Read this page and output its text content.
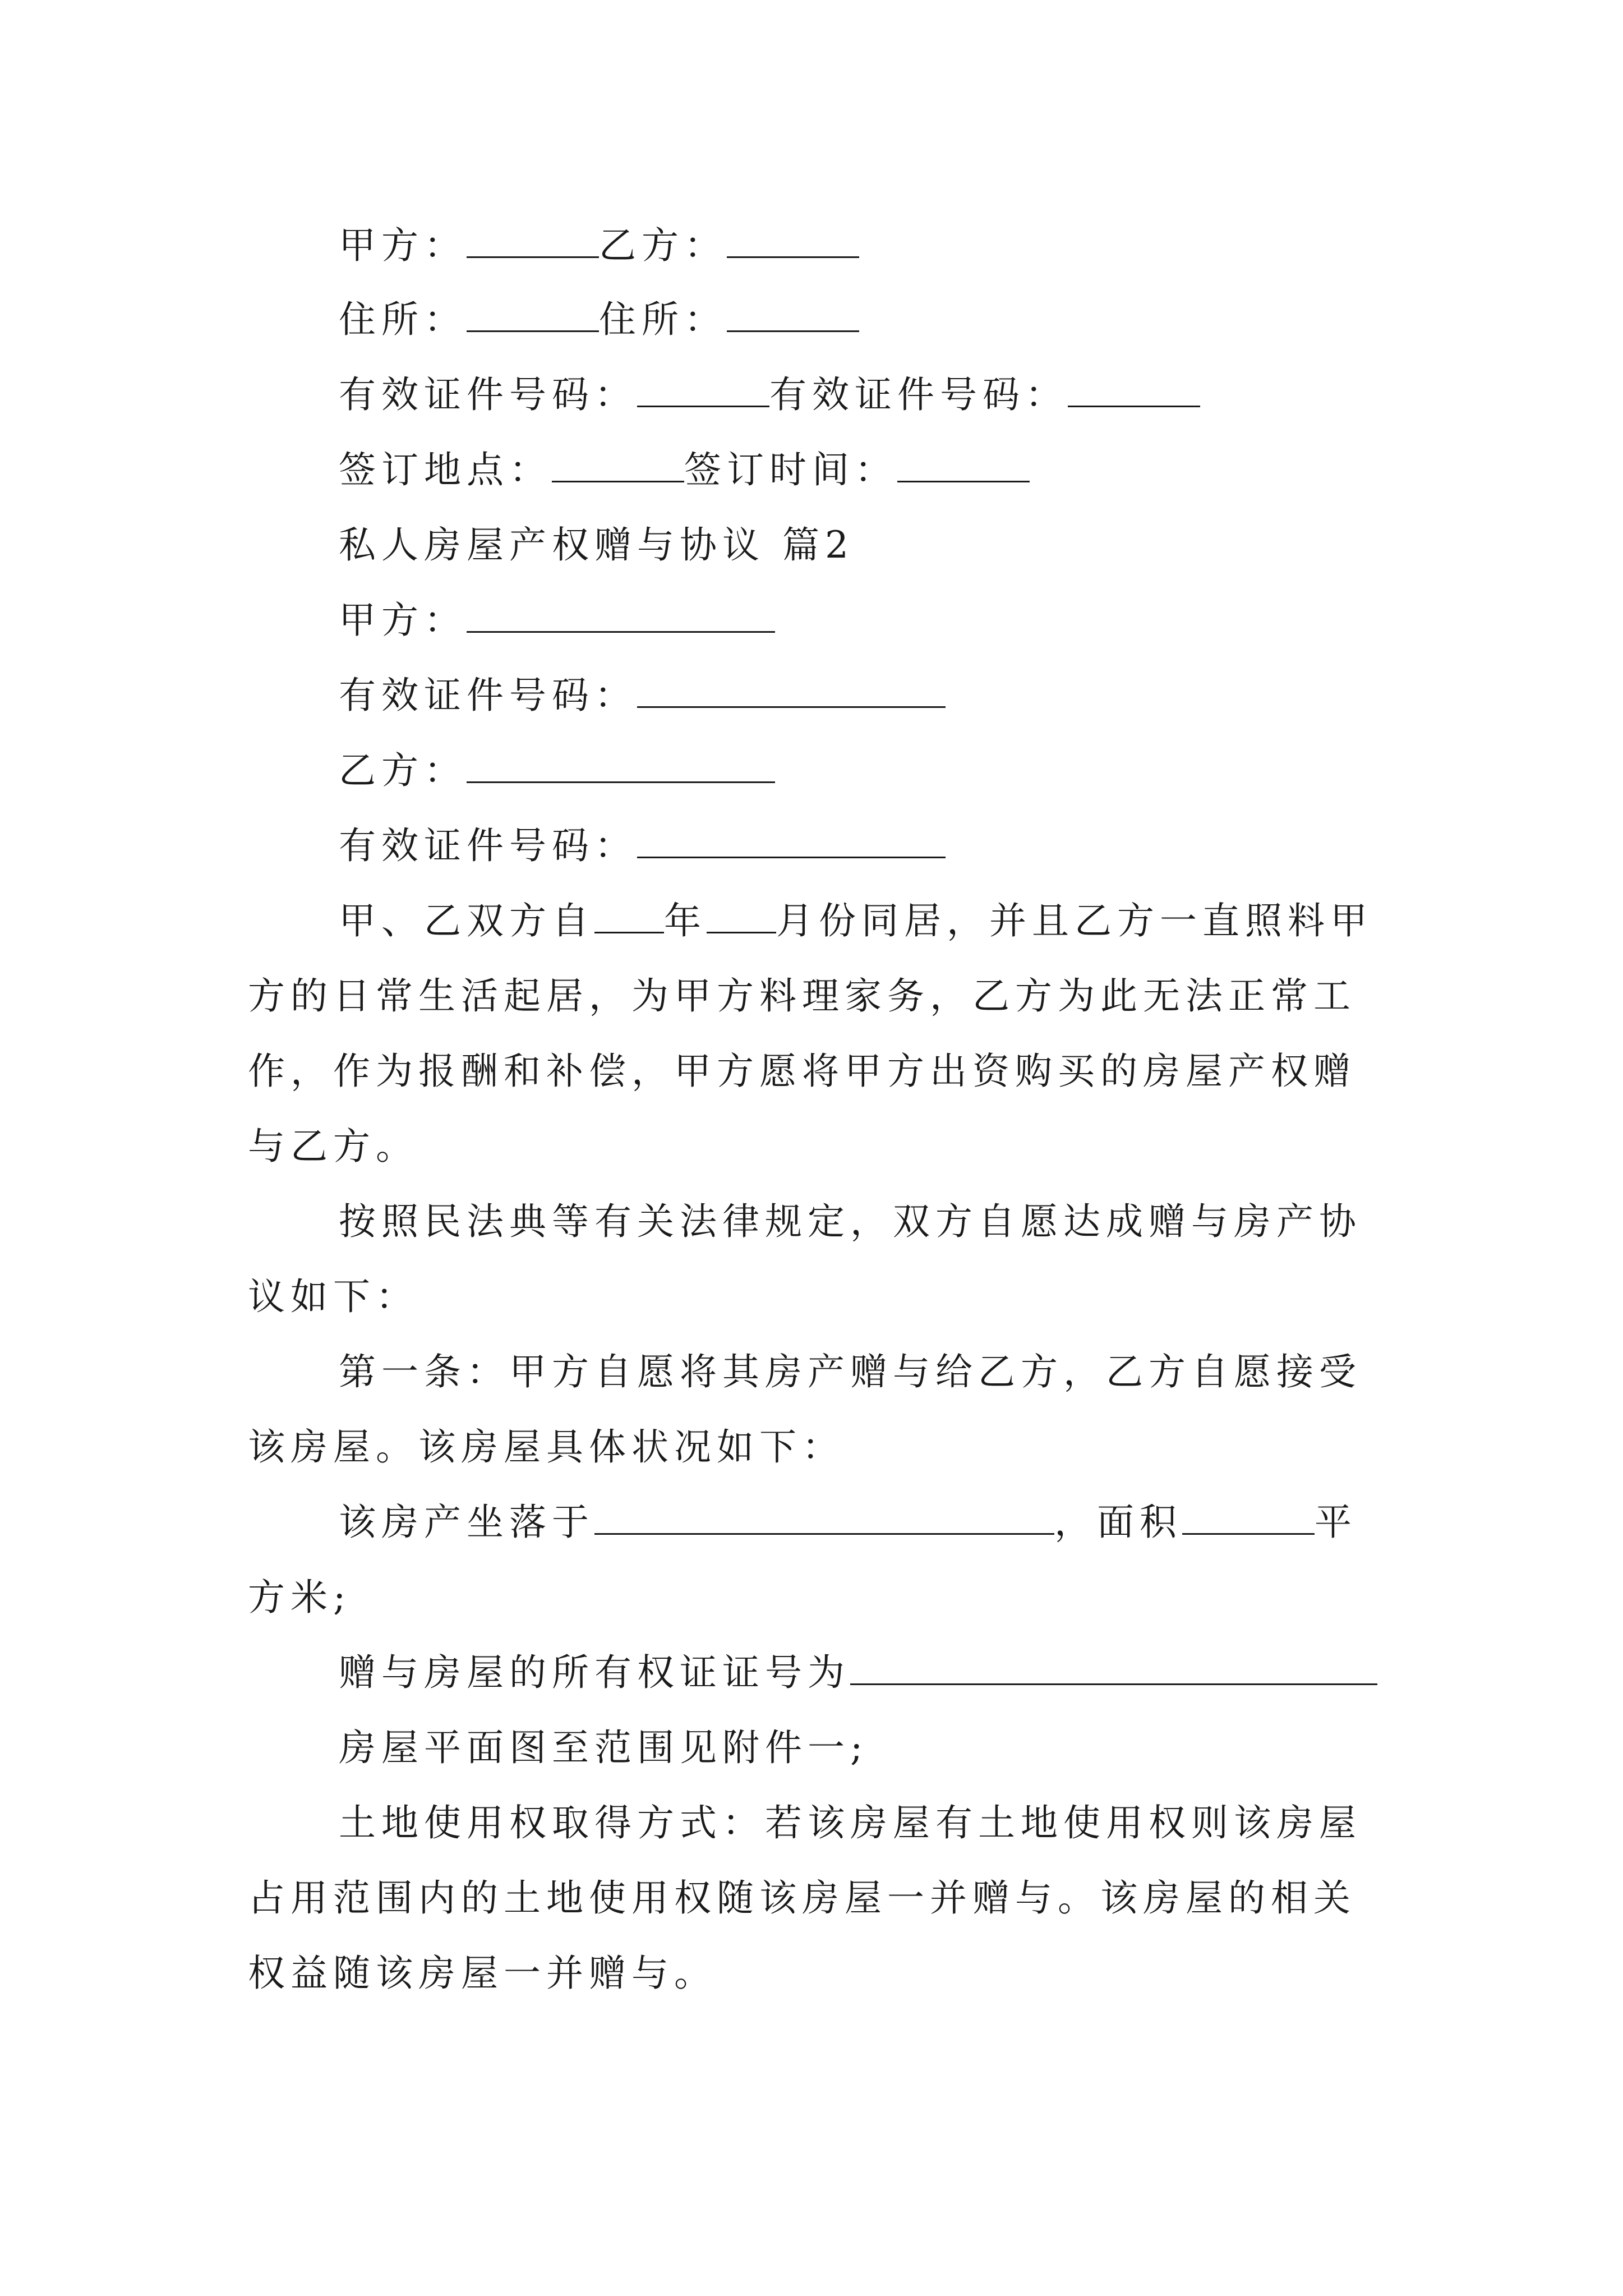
甲方：	乙方：
住所：	住所：
有效证件号码：	有效证件号码：
签订地点：	签订时间：
私人房屋产权赠与协议 篇2
甲方：
有效证件号码：
乙方：
有效证件号码：
甲、乙双方自 年 月份同居，并且乙方一直照料甲
方的日常生活起居，为甲方料理家务，乙方为此无法正常工
作，作为报酬和补偿，甲方愿将甲方出资购买的房屋产权赠
与乙方。
按照民法典等有关法律规定，双方自愿达成赠与房产协
议如下：
第一条：甲方自愿将其房产赠与给乙方，乙方自愿接受
该房屋。该房屋具体状况如下：
该房产坐落于	，面积	平
方米;
赠与房屋的所有权证证号为
房屋平面图至范围见附件一;
土地使用权取得方式：若该房屋有土地使用权则该房屋
占用范围内的土地使用权随该房屋一并赠与。该房屋的相关
权益随该房屋一并赠与。
